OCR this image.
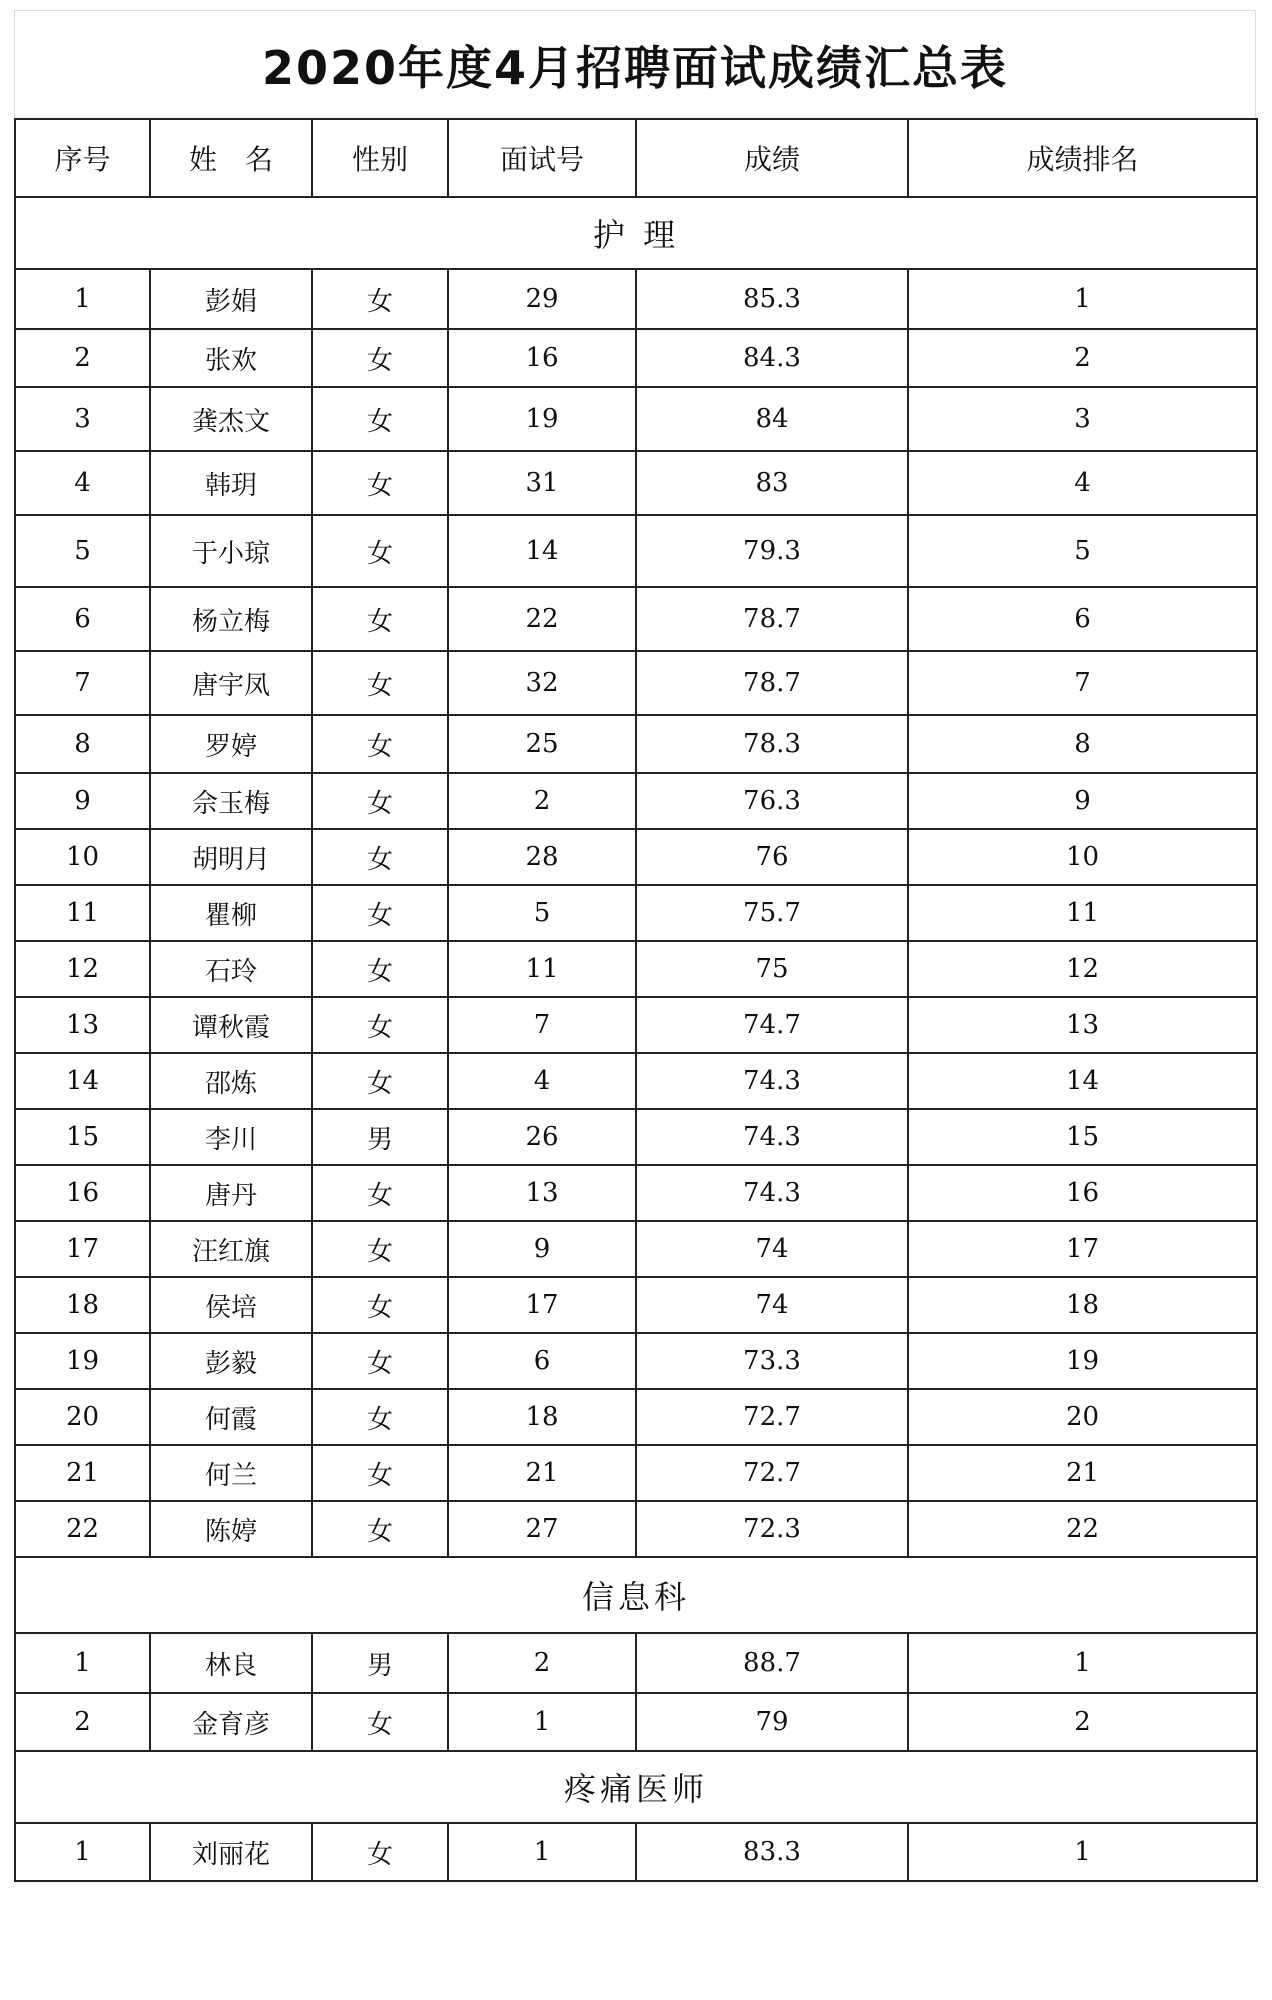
2020年度4月招聘面试成绩汇总表
序号	姓　名	性别	面试号	成绩	成绩排名
护 理					
1	彭娟	女	29	85.3	1
2	张欢	女	16	84.3	2
3	龚杰文	女	19	84	3
4	韩玥	女	31	83	4
5	于小琼	女	14	79.3	5
6	杨立梅	女	22	78.7	6
7	唐宇凤	女	32	78.7	7
8	罗婷	女	25	78.3	8
9	佘玉梅	女	2	76.3	9
10	胡明月	女	28	76	10
11	瞿柳	女	5	75.7	11
12	石玲	女	11	75	12
13	谭秋霞	女	7	74.7	13
14	邵炼	女	4	74.3	14
15	李川	男	26	74.3	15
16	唐丹	女	13	74.3	16
17	汪红旗	女	9	74	17
18	侯培	女	17	74	18
19	彭毅	女	6	73.3	19
20	何霞	女	18	72.7	20
21	何兰	女	21	72.7	21
22	陈婷	女	27	72.3	22
信息科					
1	林良	男	2	88.7	1
2	金育彦	女	1	79	2
疼痛医师					
1	刘丽花	女	1	83.3	1
